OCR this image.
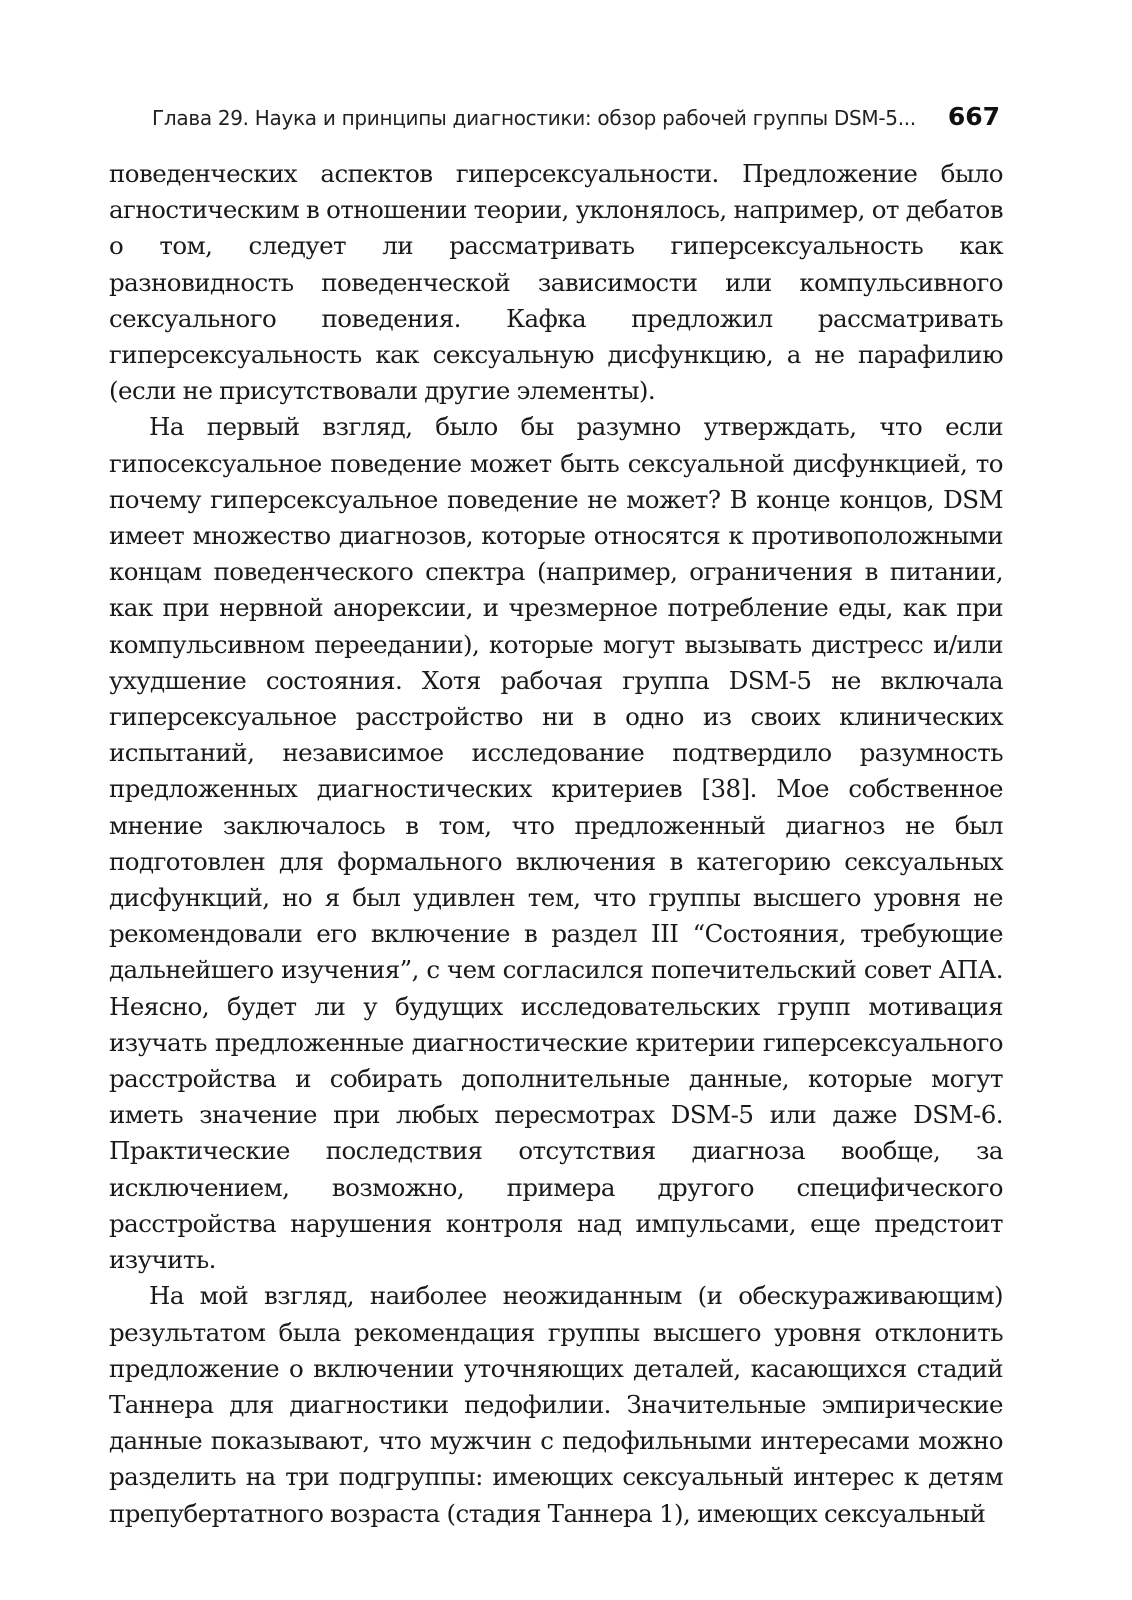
Глава 29. Наука и принципы диагностики: обзор рабочей группы DSM-5... 667

поведенческих аспектов гиперсексуальности. Предложение было агностическим в отношении теории, уклонялось, например, от дебатов о том, следует ли рассматривать гиперсексуальность как разновидность поведенческой зависимости или компульсивного сексуального поведения. Кафка предложил рассматривать гиперсексуальность как сексуальную дисфункцию, а не парафилию (если не присутствовали другие элементы).

На первый взгляд, было бы разумно утверждать, что если гипосексуальное поведение может быть сексуальной дисфункцией, то почему гиперсексуальное поведение не может? В конце концов, DSM имеет множество диагнозов, которые относятся к противоположными концам поведенческого спектра (например, ограничения в питании, как при нервной анорексии, и чрезмерное потребление еды, как при компульсивном переедании), которые могут вызывать дистресс и/или ухудшение состояния. Хотя рабочая группа DSM-5 не включала гиперсексуальное расстройство ни в одно из своих клинических испытаний, независимое исследование подтвердило разумность предложенных диагностических критериев [38]. Мое собственное мнение заключалось в том, что предложенный диагноз не был подготовлен для формального включения в категорию сексуальных дисфункций, но я был удивлен тем, что группы высшего уровня не рекомендовали его включение в раздел III “Состояния, требующие дальнейшего изучения”, с чем согласился попечительский совет АПА. Неясно, будет ли у будущих исследовательских групп мотивация изучать предложенные диагностические критерии гиперсексуального расстройства и собирать дополнительные данные, которые могут иметь значение при любых пересмотрах DSM-5 или даже DSM-6. Практические последствия отсутствия диагноза вообще, за исключением, возможно, примера другого специфического расстройства нарушения контроля над импульсами, еще предстоит изучить.

На мой взгляд, наиболее неожиданным (и обескураживающим) результатом была рекомендация группы высшего уровня отклонить предложение о включении уточняющих деталей, касающихся стадий Таннера для диагностики педофилии. Значительные эмпирические данные показывают, что мужчин с педофильными интересами можно разделить на три подгруппы: имеющих сексуальный интерес к детям препубертатного возраста (стадия Таннера 1), имеющих сексуальный
